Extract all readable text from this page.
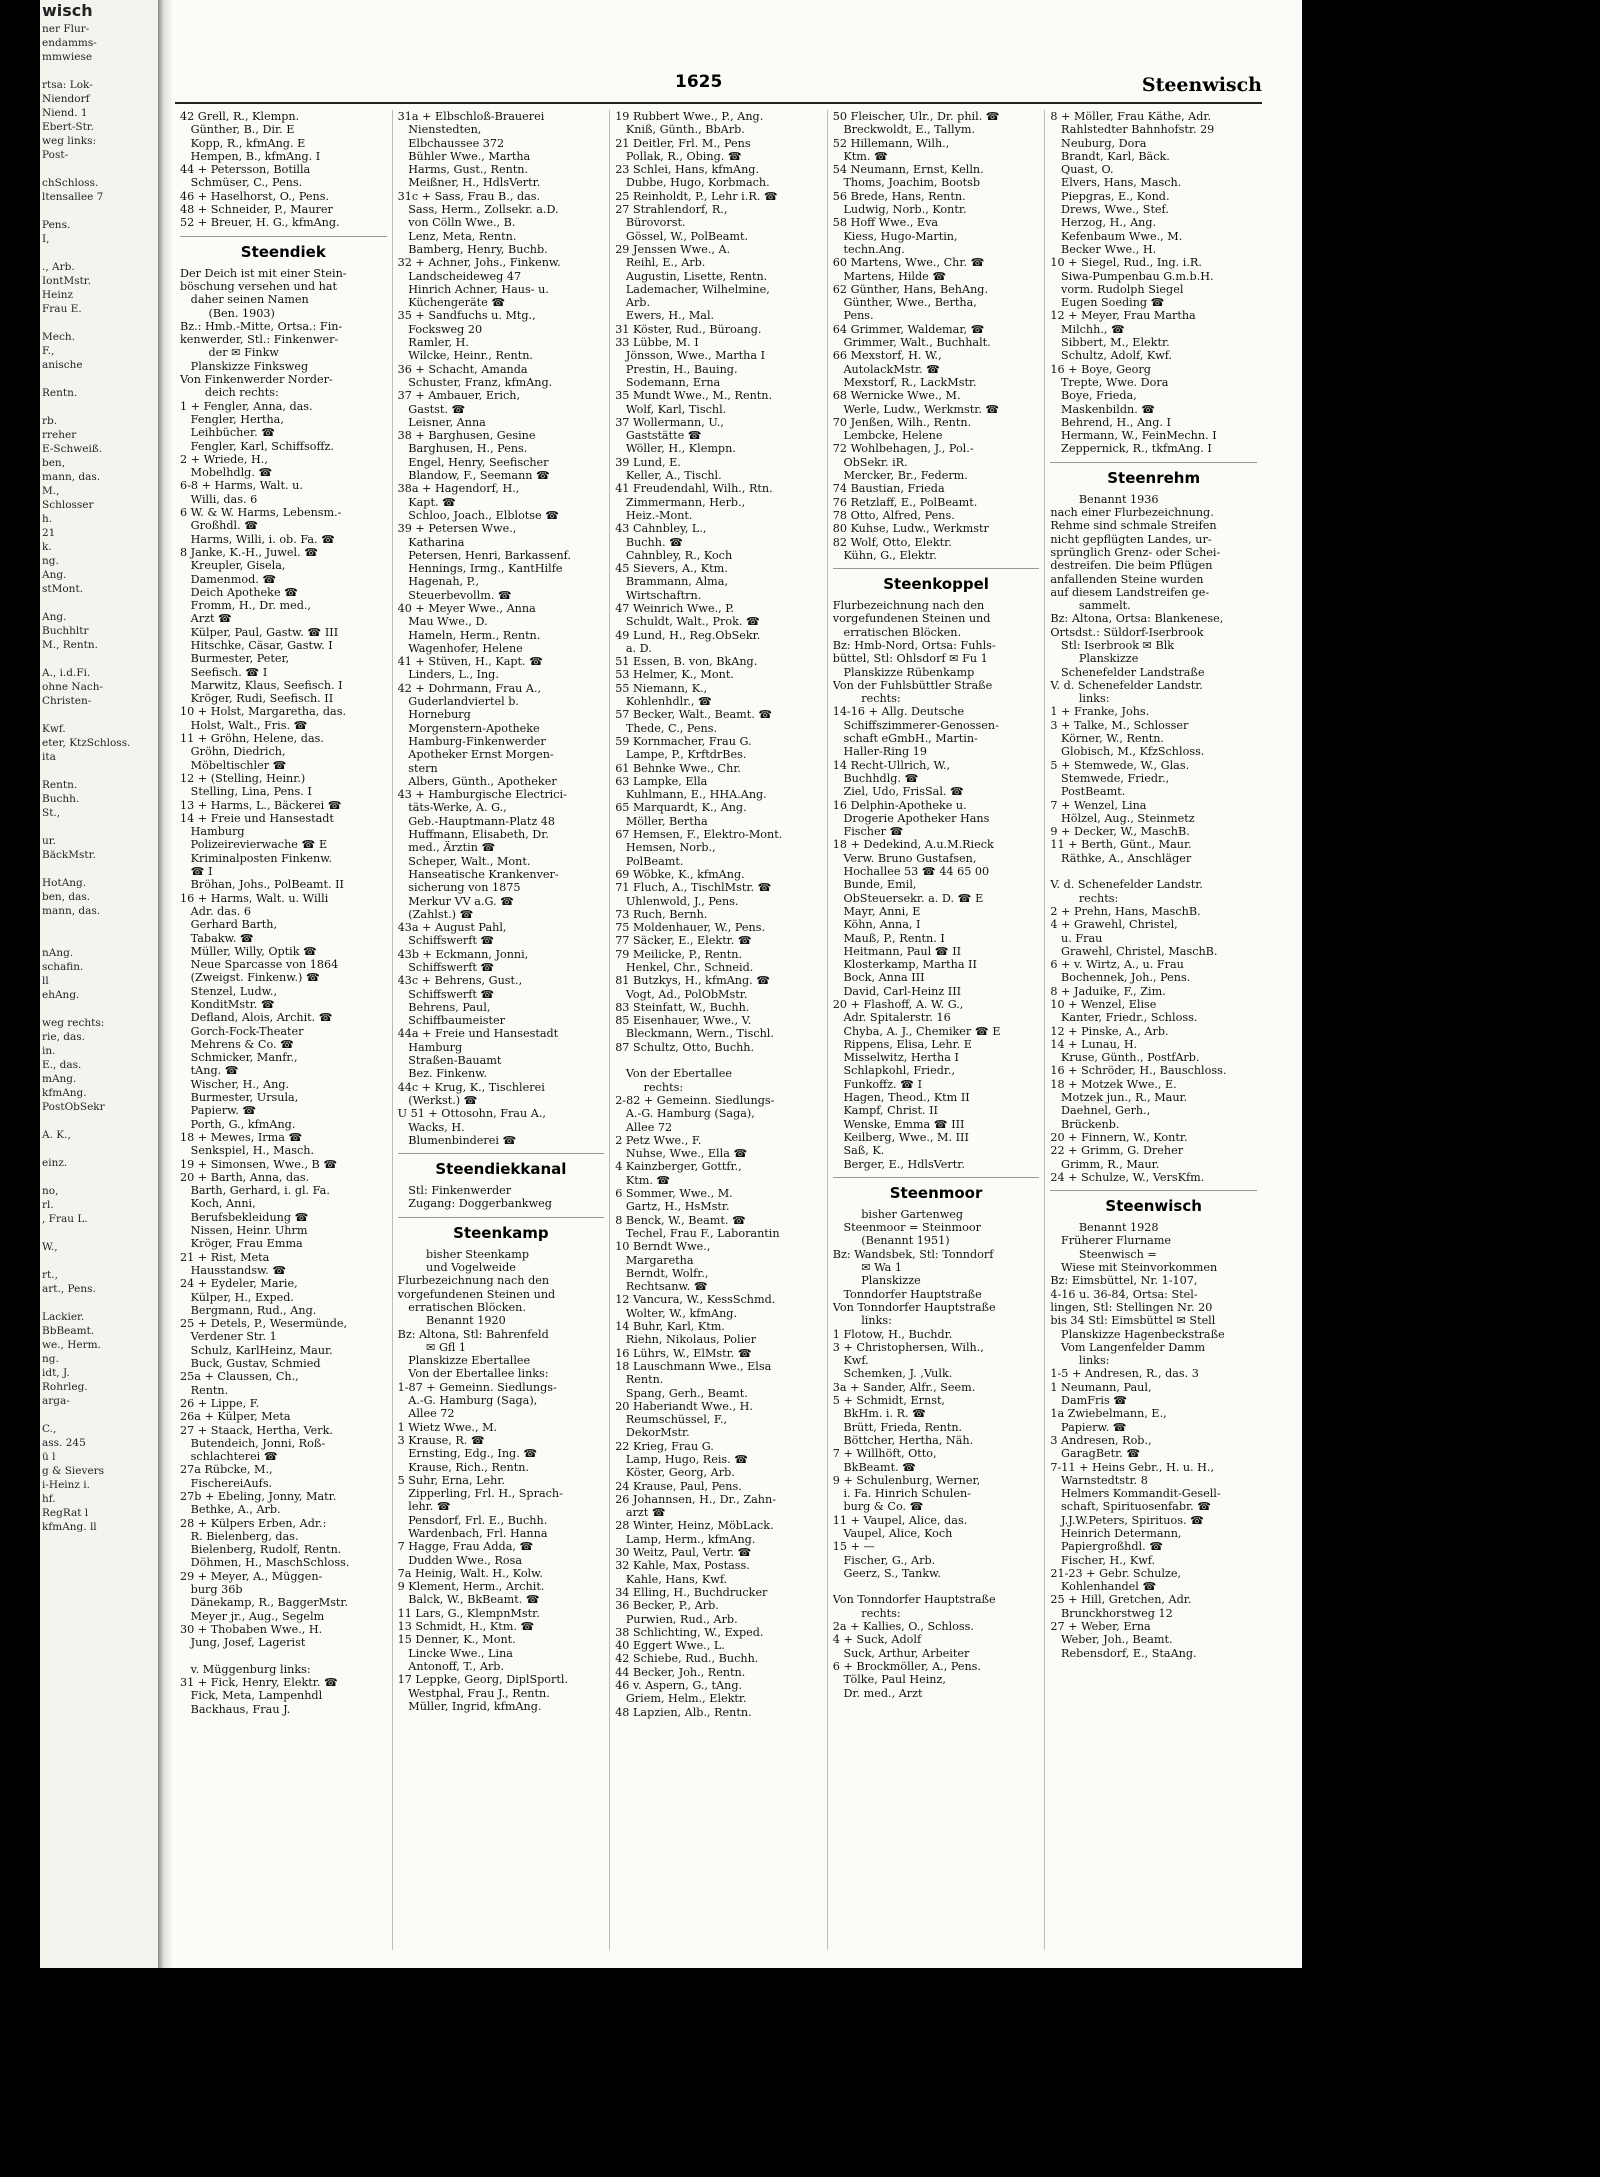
wisch
ner Flur-
endamms-
mmwiese

rtsa: Lok-
Niendorf
Niend. 1
Ebert-Str.
weg links:
Post-

chSchloss.
ltensallee 7

Pens.
I,

., Arb.
IontMstr.
Heinz
Frau E.

Mech.
F.,
anische

Rentn.

rb.
rreher
E-Schweiß.
ben,
mann, das.
M.,
Schlosser
h.
21
k.
ng.
Ang.
stMont.

Ang.
Buchhltr
M., Rentn.

A., i.d.Fi.
ohne Nach-
Christen-

Kwf.
eter, KtzSchloss.
ita

Rentn.
Buchh.
St.,

ur.
BäckMstr.

HotAng.
ben, das.
mann, das.

nAng.
schafin.
ll
ehAng.

weg rechts:
rie, das.
in.
E., das.
mAng.
kfmAng.
PostObSekr

A. K.,

einz.

no,
rl.
, Frau L.

W.,

rt.,
art., Pens.

Lackier.
BbBeamt.
we., Herm.
ng.
idt, J.
Rohrleg.
arga-

C.,
ass. 245
ü l
g & Sievers
i-Heinz i.
hf.
RegRat l
kfmAng. ll
1625	Steenwisch
42 Grell, R., Klempn.
Günther, B., Dir. E
Kopp, R., kfmAng. E
Hempen, B., kfmAng. I
44 + Petersson, Botilla
Schmüser, C., Pens.
46 + Haselhorst, O., Pens.
48 + Schneider, P., Maurer
52 + Breuer, H. G., kfmAng.
Steendiek
Der Deich ist mit einer Stein-
böschung versehen und hat
daher seinen Namen
(Ben. 1903)
Bz.: Hmb.-Mitte, Ortsa.: Fin-
kenwerder, Stl.: Finkenwer-
der ✉ Finkw
Planskizze Finksweg
Von Finkenwerder Norder-
deich rechts:
1 + Fengler, Anna, das.
Fengler, Hertha,
Leihbücher. ☎
Fengler, Karl, Schiffsoffz.
2 + Wriede, H.,
Mobelhdlg. ☎
6-8 + Harms, Walt. u.
Willi, das. 6
6 W. & W. Harms, Lebensm.-
Großhdl. ☎
Harms, Willi, i. ob. Fa. ☎
8 Janke, K.-H., Juwel. ☎
Kreupler, Gisela,
Damenmod. ☎
Deich Apotheke ☎
Fromm, H., Dr. med.,
Arzt ☎
Külper, Paul, Gastw. ☎ III
Hitschke, Cäsar, Gastw. I
Burmester, Peter,
Seefisch. ☎ I
Marwitz, Klaus, Seefisch. I
Kröger, Rudi, Seefisch. II
10 + Holst, Margaretha, das.
Holst, Walt., Fris. ☎
11 + Gröhn, Helene, das.
Gröhn, Diedrich,
Möbeltischler ☎
12 + (Stelling, Heinr.)
Stelling, Lina, Pens. I
13 + Harms, L., Bäckerei ☎
14 + Freie und Hansestadt
Hamburg
Polizeirevierwache ☎ E
Kriminalposten Finkenw.
☎ I
Bröhan, Johs., PolBeamt. II
16 + Harms, Walt. u. Willi
Adr. das. 6
Gerhard Barth,
Tabakw. ☎
Müller, Willy, Optik ☎
Neue Sparcasse von 1864
(Zweigst. Finkenw.) ☎
Stenzel, Ludw.,
KonditMstr. ☎
Defland, Alois, Archit. ☎
Gorch-Fock-Theater
Mehrens & Co. ☎
Schmicker, Manfr.,
tAng. ☎
Wischer, H., Ang.
Burmester, Ursula,
Papierw. ☎
Porth, G., kfmAng.
18 + Mewes, Irma ☎
Senkspiel, H., Masch.
19 + Simonsen, Wwe., B ☎
20 + Barth, Anna, das.
Barth, Gerhard, i. gl. Fa.
Koch, Anni,
Berufsbekleidung ☎
Nissen, Heinr. Uhrm
Kröger, Frau Emma
21 + Rist, Meta
Hausstandsw. ☎
24 + Eydeler, Marie,
Külper, H., Exped.
Bergmann, Rud., Ang.
25 + Detels, P., Wesermünde,
Verdener Str. 1
Schulz, KarlHeinz, Maur.
Buck, Gustav, Schmied
25a + Claussen, Ch.,
Rentn.
26 + Lippe, F.
26a + Külper, Meta
27 + Staack, Hertha, Verk.
Butendeich, Jonni, Roß-
schlachterei ☎
27a Rübcke, M.,
FischereiAufs.
27b + Ebeling, Jonny, Matr.
Bethke, A., Arb.
28 + Külpers Erben, Adr.:
R. Bielenberg, das.
Bielenberg, Rudolf, Rentn.
Döhmen, H., MaschSchloss.
29 + Meyer, A., Müggen-
burg 36b
Dänekamp, R., BaggerMstr.
Meyer jr., Aug., Segelm
30 + Thobaben Wwe., H.
Jung, Josef, Lagerist

v. Müggenburg links:
31 + Fick, Henry, Elektr. ☎
Fick, Meta, Lampenhdl
Backhaus, Frau J.
31a + Elbschloß-Brauerei
Nienstedten,
Elbchaussee 372
Bühler Wwe., Martha
Harms, Gust., Rentn.
Meißner, H., HdlsVertr.
31c + Sass, Frau B., das.
Sass, Herm., Zollsekr. a.D.
von Cölln Wwe., B.
Lenz, Meta, Rentn.
Bamberg, Henry, Buchb.
32 + Achner, Johs., Finkenw.
Landscheideweg 47
Hinrich Achner, Haus- u.
Küchengeräte ☎
35 + Sandfuchs u. Mtg.,
Focksweg 20
Ramler, H.
Wilcke, Heinr., Rentn.
36 + Schacht, Amanda
Schuster, Franz, kfmAng.
37 + Ambauer, Erich,
Gastst. ☎
Leisner, Anna
38 + Barghusen, Gesine
Barghusen, H., Pens.
Engel, Henry, Seefischer
Blandow, F., Seemann ☎
38a + Hagendorf, H.,
Kapt. ☎
Schloo, Joach., Elblotse ☎
39 + Petersen Wwe.,
Katharina
Petersen, Henri, Barkassenf.
Hennings, Irmg., KantHilfe
Hagenah, P.,
Steuerbevollm. ☎
40 + Meyer Wwe., Anna
Mau Wwe., D.
Hameln, Herm., Rentn.
Wagenhofer, Helene
41 + Stüven, H., Kapt. ☎
Linders, L., Ing.
42 + Dohrmann, Frau A.,
Guderlandviertel b.
Horneburg
Morgenstern-Apotheke
Hamburg-Finkenwerder
Apotheker Ernst Morgen-
stern
Albers, Günth., Apotheker
43 + Hamburgische Electrici-
täts-Werke, A. G.,
Geb.-Hauptmann-Platz 48
Huffmann, Elisabeth, Dr.
med., Ärztin ☎
Scheper, Walt., Mont.
Hanseatische Krankenver-
sicherung von 1875
Merkur VV a.G. ☎
(Zahlst.) ☎
43a + August Pahl,
Schiffswerft ☎
43b + Eckmann, Jonni,
Schiffswerft ☎
43c + Behrens, Gust.,
Schiffswerft ☎
Behrens, Paul,
Schiffbaumeister
44a + Freie und Hansestadt
Hamburg
Straßen-Bauamt
Bez. Finkenw.
44c + Krug, K., Tischlerei
(Werkst.) ☎
U 51 + Ottosohn, Frau A.,
Wacks, H.
Blumenbinderei ☎
Steendiekkanal
Stl: Finkenwerder
Zugang: Doggerbankweg
Steenkamp
bisher Steenkamp
und Vogelweide
Flurbezeichnung nach den
vorgefundenen Steinen und
erratischen Blöcken.
Benannt 1920
Bz: Altona, Stl: Bahrenfeld
✉ Gfl 1
Planskizze Ebertallee
Von der Ebertallee links:
1-87 + Gemeinn. Siedlungs-
A.-G. Hamburg (Saga),
Allee 72
1 Wietz Wwe., M.
3 Krause, R. ☎
Ernsting, Edg., Ing. ☎
Krause, Rich., Rentn.
5 Suhr, Erna, Lehr.
Zipperling, Frl. H., Sprach-
lehr. ☎
Pensdorf, Frl. E., Buchh.
Wardenbach, Frl. Hanna
7 Hagge, Frau Adda, ☎
Dudden Wwe., Rosa
7a Heinig, Walt. H., Kolw.
9 Klement, Herm., Archit.
Balck, W., BkBeamt. ☎
11 Lars, G., KlempnMstr.
13 Schmidt, H., Ktm. ☎
15 Denner, K., Mont.
Lincke Wwe., Lina
Antonoff, T., Arb.
17 Leppke, Georg, DiplSportl.
Westphal, Frau J., Rentn.
Müller, Ingrid, kfmAng.
19 Rubbert Wwe., P., Ang.
Kniß, Günth., BbArb.
21 Deitler, Frl. M., Pens
Pollak, R., Obing. ☎
23 Schlei, Hans, kfmAng.
Dubbe, Hugo, Korbmach.
25 Reinholdt, P., Lehr i.R. ☎
27 Strahlendorf, R.,
Bürovorst.
Gössel, W., PolBeamt.
29 Jenssen Wwe., A.
Reihl, E., Arb.
Augustin, Lisette, Rentn.
Lademacher, Wilhelmine,
Arb.
Ewers, H., Mal.
31 Köster, Rud., Büroang.
33 Lübbe, M. I
Jönsson, Wwe., Martha I
Prestin, H., Bauing.
Sodemann, Erna
35 Mundt Wwe., M., Rentn.
Wolf, Karl, Tischl.
37 Wollermann, U.,
Gaststätte ☎
Wöller, H., Klempn.
39 Lund, E.
Keller, A., Tischl.
41 Freudendahl, Wilh., Rtn.
Zimmermann, Herb.,
Heiz.-Mont.
43 Cahnbley, L.,
Buchh. ☎
Cahnbley, R., Koch
45 Sievers, A., Ktm.
Brammann, Alma,
Wirtschaftrn.
47 Weinrich Wwe., P.
Schuldt, Walt., Prok. ☎
49 Lund, H., Reg.ObSekr.
a. D.
51 Essen, B. von, BkAng.
53 Helmer, K., Mont.
55 Niemann, K.,
Kohlenhdlr., ☎
57 Becker, Walt., Beamt. ☎
Thede, C., Pens.
59 Kornmacher, Frau G.
Lampe, P., KrftdrBes.
61 Behnke Wwe., Chr.
63 Lampke, Ella
Kuhlmann, E., HHA.Ang.
65 Marquardt, K., Ang.
Möller, Bertha
67 Hemsen, F., Elektro-Mont.
Hemsen, Norb.,
PolBeamt.
69 Wöbke, K., kfmAng.
71 Fluch, A., TischlMstr. ☎
Uhlenwold, J., Pens.
73 Ruch, Bernh.
75 Moldenhauer, W., Pens.
77 Säcker, E., Elektr. ☎
79 Meilicke, P., Rentn.
Henkel, Chr., Schneid.
81 Butzkys, H., kfmAng. ☎
Vogt, Ad., PolObMstr.
83 Steinfatt, W., Buchh.
85 Eisenhauer, Wwe., V.
Bleckmann, Wern., Tischl.
87 Schultz, Otto, Buchh.

Von der Ebertallee
rechts:
2-82 + Gemeinn. Siedlungs-
A.-G. Hamburg (Saga),
Allee 72
2 Petz Wwe., F.
Nuhse, Wwe., Ella ☎
4 Kainzberger, Gottfr.,
Ktm. ☎
6 Sommer, Wwe., M.
Gartz, H., HsMstr.
8 Benck, W., Beamt. ☎
Techel, Frau F., Laborantin
10 Berndt Wwe.,
Margaretha
Berndt, Wolfr.,
Rechtsanw. ☎
12 Vancura, W., KessSchmd.
Wolter, W., kfmAng.
14 Buhr, Karl, Ktm.
Riehn, Nikolaus, Polier
16 Lührs, W., ElMstr. ☎
18 Lauschmann Wwe., Elsa
Rentn.
Spang, Gerh., Beamt.
20 Haberiandt Wwe., H.
Reumschüssel, F.,
DekorMstr.
22 Krieg, Frau G.
Lamp, Hugo, Reis. ☎
Köster, Georg, Arb.
24 Krause, Paul, Pens.
26 Johannsen, H., Dr., Zahn-
arzt ☎
28 Winter, Heinz, MöbLack.
Lamp, Herm., kfmAng.
30 Weitz, Paul, Vertr. ☎
32 Kahle, Max, Postass.
Kahle, Hans, Kwf.
34 Elling, H., Buchdrucker
36 Becker, P., Arb.
Purwien, Rud., Arb.
38 Schlichting, W., Exped.
40 Eggert Wwe., L.
42 Schiebe, Rud., Buchh.
44 Becker, Joh., Rentn.
46 v. Aspern, G., tAng.
Griem, Helm., Elektr.
48 Lapzien, Alb., Rentn.
50 Fleischer, Ulr., Dr. phil. ☎
Breckwoldt, E., Tallym.
52 Hillemann, Wilh.,
Ktm. ☎
54 Neumann, Ernst, Kelln.
Thoms, Joachim, Bootsb
56 Brede, Hans, Rentn.
Ludwig, Norb., Kontr.
58 Hoff Wwe., Eva
Kiess, Hugo-Martin,
techn.Ang.
60 Martens, Wwe., Chr. ☎
Martens, Hilde ☎
62 Günther, Hans, BehAng.
Günther, Wwe., Bertha,
Pens.
64 Grimmer, Waldemar, ☎
Grimmer, Walt., Buchhalt.
66 Mexstorf, H. W.,
AutolackMstr. ☎
Mexstorf, R., LackMstr.
68 Wernicke Wwe., M.
Werle, Ludw., Werkmstr. ☎
70 Jenßen, Wilh., Rentn.
Lembcke, Helene
72 Wohlbehagen, J., Pol.-
ObSekr. iR.
Mercker, Br., Federm.
74 Baustian, Frieda
76 Retzlaff, E., PolBeamt.
78 Otto, Alfred, Pens.
80 Kuhse, Ludw., Werkmstr
82 Wolf, Otto, Elektr.
Kühn, G., Elektr.
Steenkoppel
Flurbezeichnung nach den
vorgefundenen Steinen und
erratischen Blöcken.
Bz: Hmb-Nord, Ortsa: Fuhls-
büttel, Stl: Ohlsdorf ✉ Fu 1
Planskizze Rübenkamp
Von der Fuhlsbüttler Straße
rechts:
14-16 + Allg. Deutsche
Schiffszimmerer-Genossen-
schaft eGmbH., Martin-
Haller-Ring 19
14 Recht-Ullrich, W.,
Buchhdlg. ☎
Ziel, Udo, FrisSal. ☎
16 Delphin-Apotheke u.
Drogerie Apotheker Hans
Fischer ☎
18 + Dedekind, A.u.M.Rieck
Verw. Bruno Gustafsen,
Hochallee 53 ☎ 44 65 00
Bunde, Emil,
ObSteuersekr. a. D. ☎ E
Mayr, Anni, E
Köhn, Anna, I
Mauß, P., Rentn. I
Heitmann, Paul ☎ II
Klosterkamp, Martha II
Bock, Anna III
David, Carl-Heinz III
20 + Flashoff, A. W. G.,
Adr. Spitalerstr. 16
Chyba, A. J., Chemiker ☎ E
Rippens, Elisa, Lehr. E
Misselwitz, Hertha I
Schlapkohl, Friedr.,
Funkoffz. ☎ I
Hagen, Theod., Ktm II
Kampf, Christ. II
Wenske, Emma ☎ III
Keilberg, Wwe., M. III
Saß, K.
Berger, E., HdlsVertr.
Steenmoor
bisher Gartenweg
Steenmoor = Steinmoor
(Benannt 1951)
Bz: Wandsbek, Stl: Tonndorf
✉ Wa 1
Planskizze
Tonndorfer Hauptstraße
Von Tonndorfer Hauptstraße
links:
1 Flotow, H., Buchdr.
3 + Christophersen, Wilh.,
Kwf.
Schemken, J. ,Vulk.
3a + Sander, Alfr., Seem.
5 + Schmidt, Ernst,
BkHm. i. R. ☎
Brütt, Frieda, Rentn.
Böttcher, Hertha, Näh.
7 + Willhöft, Otto,
BkBeamt. ☎
9 + Schulenburg, Werner,
i. Fa. Hinrich Schulen-
burg & Co. ☎
11 + Vaupel, Alice, das.
Vaupel, Alice, Koch
15 + —
Fischer, G., Arb.
Geerz, S., Tankw.

Von Tonndorfer Hauptstraße
rechts:
2a + Kallies, O., Schloss.
4 + Suck, Adolf
Suck, Arthur, Arbeiter
6 + Brockmöller, A., Pens.
Tölke, Paul Heinz,
Dr. med., Arzt
8 + Möller, Frau Käthe, Adr.
Rahlstedter Bahnhofstr. 29
Neuburg, Dora
Brandt, Karl, Bäck.
Quast, O.
Elvers, Hans, Masch.
Piepgras, E., Kond.
Drews, Wwe., Stef.
Herzog, H., Ang.
Kefenbaum Wwe., M.
Becker Wwe., H.
10 + Siegel, Rud., Ing. i.R.
Siwa-Pumpenbau G.m.b.H.
vorm. Rudolph Siegel
Eugen Soeding ☎
12 + Meyer, Frau Martha
Milchh., ☎
Sibbert, M., Elektr.
Schultz, Adolf, Kwf.
16 + Boye, Georg
Trepte, Wwe. Dora
Boye, Frieda,
Maskenbildn. ☎
Behrend, H., Ang. I
Hermann, W., FeinMechn. I
Zeppernick, R., tkfmAng. I
Steenrehm
Benannt 1936
nach einer Flurbezeichnung.
Rehme sind schmale Streifen
nicht gepflügten Landes, ur-
sprünglich Grenz- oder Schei-
destreifen. Die beim Pflügen
anfallenden Steine wurden
auf diesem Landstreifen ge-
sammelt.
Bz: Altona, Ortsa: Blankenese,
Ortsdst.: Süldorf-Iserbrook
Stl: Iserbrook ✉ Blk
Planskizze
Schenefelder Landstraße
V. d. Schenefelder Landstr.
links:
1 + Franke, Johs.
3 + Talke, M., Schlosser
Körner, W., Rentn.
Globisch, M., KfzSchloss.
5 + Stemwede, W., Glas.
Stemwede, Friedr.,
PostBeamt.
7 + Wenzel, Lina
Hölzel, Aug., Steinmetz
9 + Decker, W., MaschB.
11 + Berth, Günt., Maur.
Räthke, A., Anschläger

V. d. Schenefelder Landstr.
rechts:
2 + Prehn, Hans, MaschB.
4 + Grawehl, Christel,
u. Frau
Grawehl, Christel, MaschB.
6 + v. Wirtz, A., u. Frau
Bochennek, Joh., Pens.
8 + Jaduike, F., Zim.
10 + Wenzel, Elise
Kanter, Friedr., Schloss.
12 + Pinske, A., Arb.
14 + Lunau, H.
Kruse, Günth., PostfArb.
16 + Schröder, H., Bauschloss.
18 + Motzek Wwe., E.
Motzek jun., R., Maur.
Daehnel, Gerh.,
Brückenb.
20 + Finnern, W., Kontr.
22 + Grimm, G. Dreher
Grimm, R., Maur.
24 + Schulze, W., VersKfm.
Steenwisch
Benannt 1928
Früherer Flurname
Steenwisch =
Wiese mit Steinvorkommen
Bz: Eimsbüttel, Nr. 1-107,
4-16 u. 36-84, Ortsa: Stel-
lingen, Stl: Stellingen Nr. 20
bis 34 Stl: Eimsbüttel ✉ Stell
Planskizze Hagenbeckstraße
Vom Langenfelder Damm
links:
1-5 + Andresen, R., das. 3
1 Neumann, Paul,
DamFris ☎
1a Zwiebelmann, E.,
Papierw. ☎
3 Andresen, Rob.,
GaragBetr. ☎
7-11 + Heins Gebr., H. u. H.,
Warnstedtstr. 8
Helmers Kommandit-Gesell-
schaft, Spirituosenfabr. ☎
J.J.W.Peters, Spirituos. ☎
Heinrich Determann,
Papiergroßhdl. ☎
Fischer, H., Kwf.
21-23 + Gebr. Schulze,
Kohlenhandel ☎
25 + Hill, Gretchen, Adr.
Brunckhorstweg 12
27 + Weber, Erna
Weber, Joh., Beamt.
Rebensdorf, E., StaAng.
